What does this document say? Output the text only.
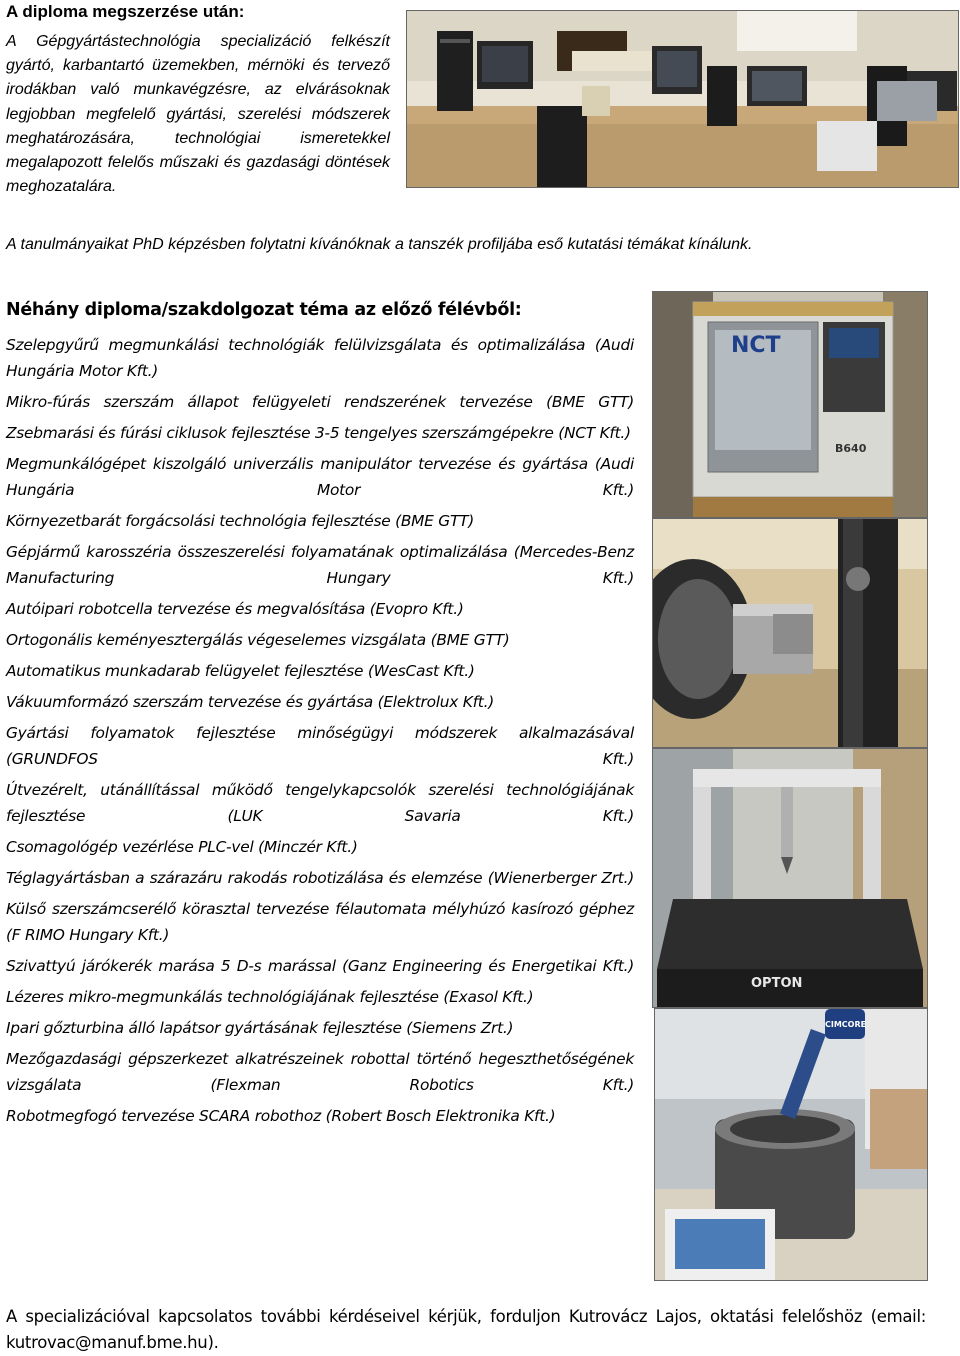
A diploma megszerzése után:
A Gépgyártástechnológia specializáció felkészít gyártó, karbantartó üzemekben, mérnöki és tervező irodákban való munkavégzésre, az elvárásoknak legjobban megfelelő gyártási, szerelési módszerek meghatározására, technológiai ismeretekkel megalapozott felelős műszaki és gazdasági döntések meghozatalára.
A tanulmányaikat PhD képzésben folytatni kívánóknak a tanszék profiljába eső kutatási témákat kínálunk.
Néhány diploma/szakdolgozat téma az előző félévből:
Szelepgyűrű megmunkálási technológiák felülvizsgálata és optimalizálása (Audi Hungária Motor Kft.)
Mikro-fúrás szerszám állapot felügyeleti rendszerének tervezése (BME GTT)
Zsebmarási és fúrási ciklusok fejlesztése 3-5 tengelyes szerszámgépekre (NCT Kft.)
Megmunkálógépet kiszolgáló univerzális manipulátor tervezése és gyártása (Audi Hungária Motor Kft.)
Környezetbarát forgácsolási technológia fejlesztése (BME GTT)
Gépjármű karosszéria összeszerelési folyamatának optimalizálása (Mercedes-Benz Manufacturing Hungary Kft.)
Autóipari robotcella tervezése és megvalósítása (Evopro Kft.)
Ortogonális keményesztergálás végeselemes vizsgálata (BME GTT)
Automatikus munkadarab felügyelet fejlesztése (WesCast Kft.)
Vákuumformázó szerszám tervezése és gyártása (Elektrolux Kft.)
Gyártási folyamatok fejlesztése minőségügyi módszerek alkalmazásával (GRUNDFOS Kft.)
Útvezérelt, utánállítással működő tengelykapcsolók szerelési technológiájának fejlesztése (LUK Savaria Kft.)
Csomagológép vezérlése PLC-vel (Minczér Kft.)
Téglagyártásban a szárazáru rakodás robotizálása és elemzése (Wienerberger Zrt.)
Külső szerszámcserélő körasztal tervezése félautomata mélyhúzó kasírozó géphez (F RIMO Hungary Kft.)
Szivattyú járókerék marása 5 D-s marással (Ganz Engineering és Energetikai Kft.)
Lézeres mikro-megmunkálás technológiájának fejlesztése (Exasol Kft.)
Ipari gőzturbina álló lapátsor gyártásának fejlesztése (Siemens Zrt.)
Mezőgazdasági gépszerkezet alkatrészeinek robottal történő hegeszthetőségének vizsgálata (Flexman Robotics Kft.)
Robotmegfogó tervezése SCARA robothoz (Robert Bosch Elektronika Kft.)
NCT
B640
OPTON
CIMCORE
A specializációval kapcsolatos további kérdéseivel kérjük, forduljon Kutrovácz Lajos, oktatási felelőshöz (email: kutrovac@manuf.bme.hu).
